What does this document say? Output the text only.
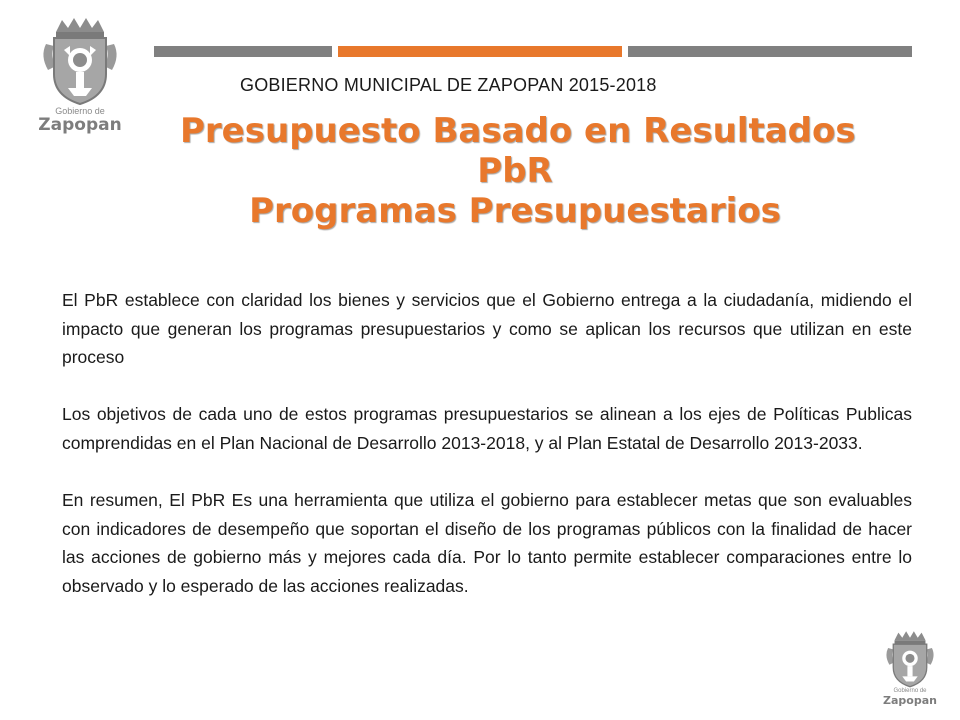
Gobierno de
Zapopan
GOBIERNO MUNICIPAL DE ZAPOPAN 2015-2018
Presupuesto Basado en Resultados
PbR
Programas Presupuestarios

El PbR establece con claridad los bienes y servicios que el Gobierno entrega a la ciudadanía, midiendo el impacto que generan los programas presupuestarios y como se aplican los recursos que utilizan en este proceso

Los objetivos de cada uno de estos programas presupuestarios se alinean a los ejes de Políticas Publicas comprendidas en el Plan Nacional de Desarrollo 2013-2018, y al Plan Estatal de Desarrollo 2013-2033.

En resumen, El PbR Es una herramienta que utiliza el gobierno para establecer metas que son evaluables con indicadores de desempeño que soportan el diseño de los programas públicos con la finalidad de hacer las acciones de gobierno más y mejores cada día. Por lo tanto permite establecer comparaciones entre lo observado y lo esperado de las acciones realizadas.

Gobierno de
Zapopan
